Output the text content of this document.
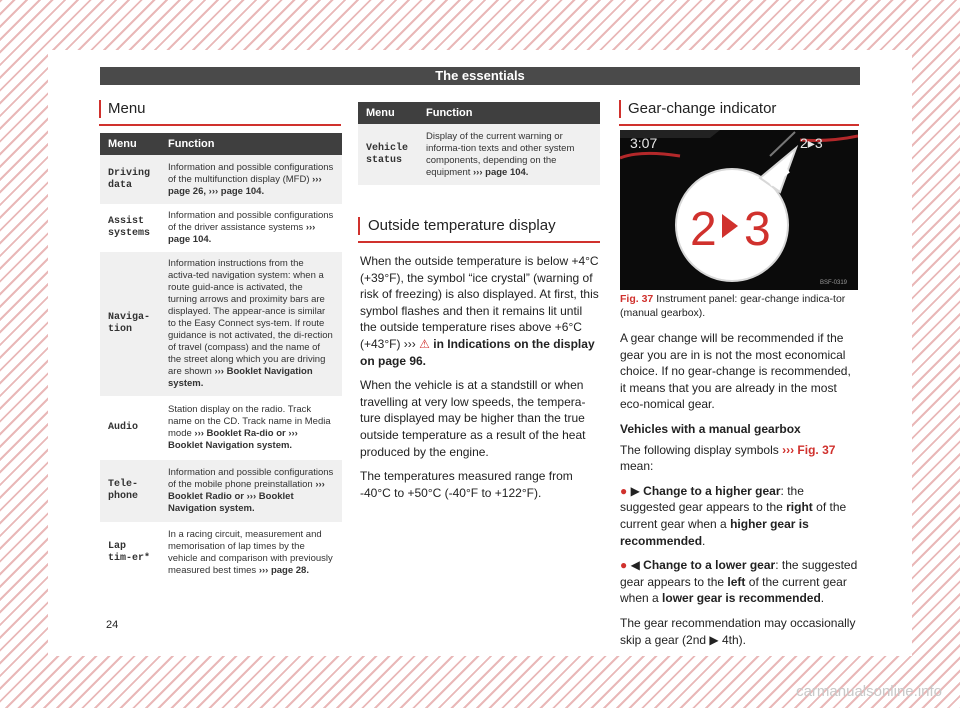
The essentials
Menu
Menu	Function
Driving data	Information and possible configurations of the multifunction display (MFD) ››› page 26, ››› page 104.
Assist systems	Information and possible configurations of the driver assistance systems ››› page 104.
Naviga-tion	Information instructions from the activa-ted navigation system: when a route guid-ance is activated, the turning arrows and proximity bars are displayed. The appear-ance is similar to the Easy Connect sys-tem. If route guidance is not activated, the di-rection of travel (compass) and the name of the street along which you are driving are shown ››› Booklet Navigation system.
Audio	Station display on the radio. Track name on the CD. Track name in Media mode ››› Booklet Ra-dio or ››› Booklet Navigation system.
Tele-phone	Information and possible configurations of the mobile phone preinstallation ››› Booklet Radio or ››› Booklet Navigation system.
Lap tim-er*	In a racing circuit, measurement and memorisation of lap times by the vehicle and comparison with previously measured best times ››› page 28.
Menu	Function
Vehicle status	Display of the current warning or informa-tion texts and other system components, depending on the equipment ››› page 104.
Outside temperature display

When the outside temperature is below +4°C (+39°F), the symbol “ice crystal” (warning of risk of freezing) is also displayed. At first, this symbol flashes and then it remains lit until the outside temperature rises above +6°C (+43°F) ››› ⚠ in Indications on the display on page 96.

When the vehicle is at a standstill or when travelling at very low speeds, the tempera-ture displayed may be higher than the true outside temperature as a result of the heat produced by the engine.

The temperatures measured range from -40°C to +50°C (-40°F to +122°F).

Gear-change indicator
3:07	2▸3
2 3
BSF-0319
Fig. 37 Instrument panel: gear-change indica-tor (manual gearbox).

A gear change will be recommended if the gear you are in is not the most economical choice. If no gear-change is recommended, it means that you are already in the most eco-nomical gear.

Vehicles with a manual gearbox

The following display symbols ››› Fig. 37 mean:

● ▶ Change to a higher gear: the suggested gear appears to the right of the current gear when a higher gear is recommended.

● ◀ Change to a lower gear: the suggested gear appears to the left of the current gear when a lower gear is recommended.

The gear recommendation may occasionally skip a gear (2nd ▶ 4th).

24
carmanualsonline.info
